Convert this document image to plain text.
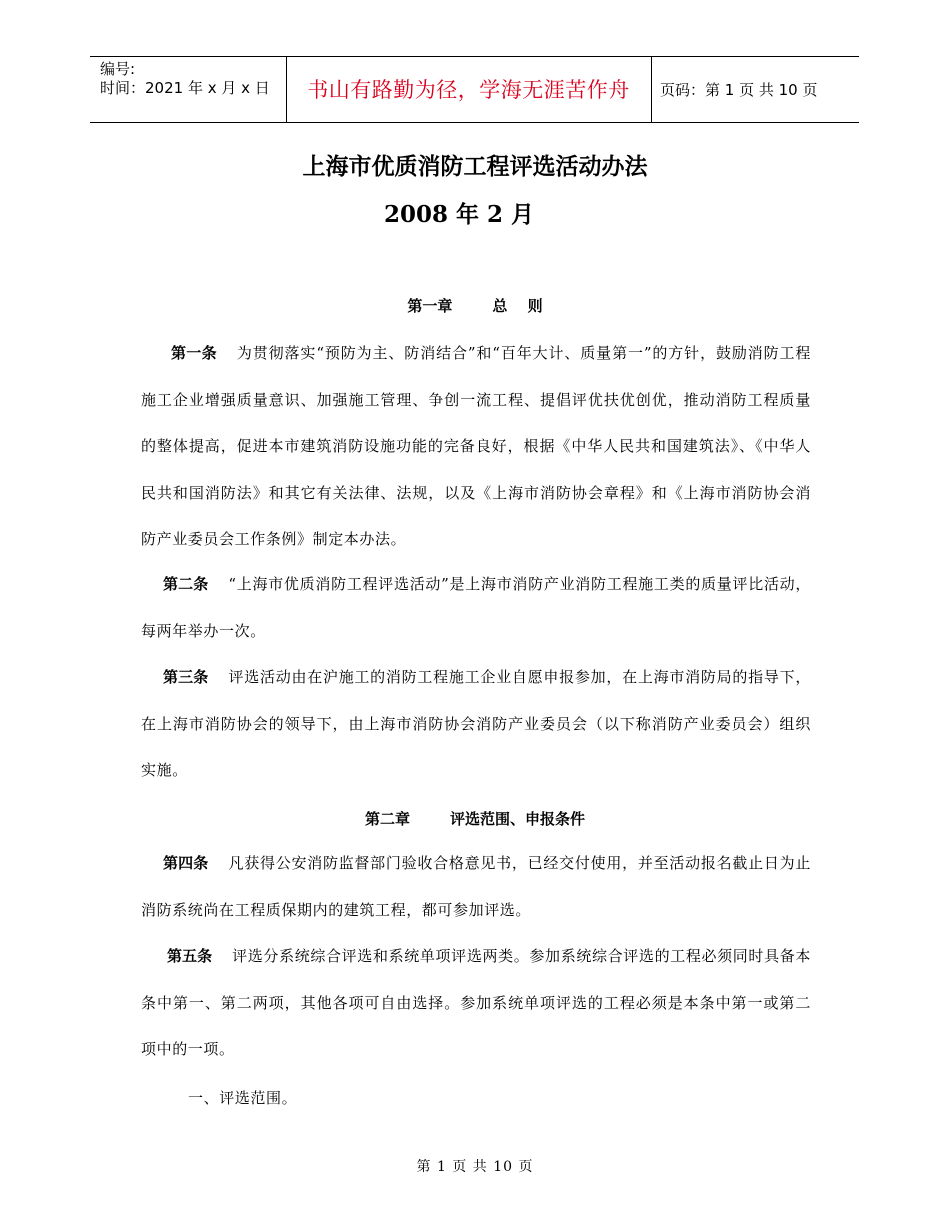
编号:
时间：2021 年 x 月 x 日	书山有路勤为径，学海无涯苦作舟	页码：第 1 页 共 10 页
上海市优质消防工程评选活动办法
2008 年 2 月
第一章	总　 则
第一条 为贯彻落实“预防为主、防消结合”和“百年大计、质量第一”的方针，鼓励消防工程施工企业增强质量意识、加强施工管理、争创一流工程、提倡评优扶优创优，推动消防工程质量的整体提高，促进本市建筑消防设施功能的完备良好，根据《中华人民共和国建筑法》、《中华人民共和国消防法》和其它有关法律、法规，以及《上海市消防协会章程》和《上海市消防协会消防产业委员会工作条例》制定本办法。
第二条 “上海市优质消防工程评选活动”是上海市消防产业消防工程施工类的质量评比活动，每两年举办一次。
第三条 评选活动由在沪施工的消防工程施工企业自愿申报参加，在上海市消防局的指导下，在上海市消防协会的领导下，由上海市消防协会消防产业委员会（以下称消防产业委员会）组织实施。
第二章	评选范围、申报条件
第四条 凡获得公安消防监督部门验收合格意见书，已经交付使用，并至活动报名截止日为止消防系统尚在工程质保期内的建筑工程，都可参加评选。
第五条 评选分系统综合评选和系统单项评选两类。参加系统综合评选的工程必须同时具备本条中第一、第二两项，其他各项可自由选择。参加系统单项评选的工程必须是本条中第一或第二项中的一项。
一、评选范围。
第 1 页 共 10 页
